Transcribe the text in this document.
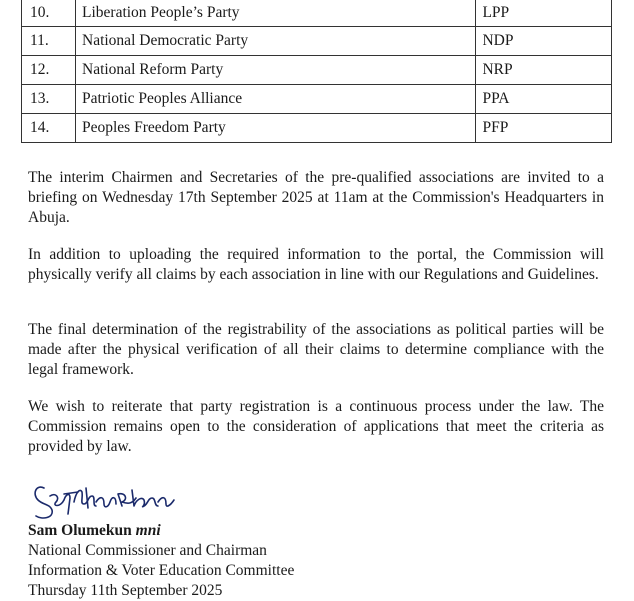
10.	Liberation People’s Party	LPP
11.	National Democratic Party	NDP
12.	National Reform Party	NRP
13.	Patriotic Peoples Alliance	PPA
14.	Peoples Freedom Party	PFP

The interim Chairmen and Secretaries of the pre-qualified associations are invited to a briefing on Wednesday 17th September 2025 at 11am at the Commission's Headquarters in Abuja.

In addition to uploading the required information to the portal, the Commission will physically verify all claims by each association in line with our Regulations and Guidelines.

The final determination of the registrability of the associations as political parties will be made after the physical verification of all their claims to determine compliance with the legal framework.

We wish to reiterate that party registration is a continuous process under the law. The Commission remains open to the consideration of applications that meet the criteria as provided by law.

Sam Olumekun mni
National Commissioner and Chairman
Information & Voter Education Committee
Thursday 11th September 2025
